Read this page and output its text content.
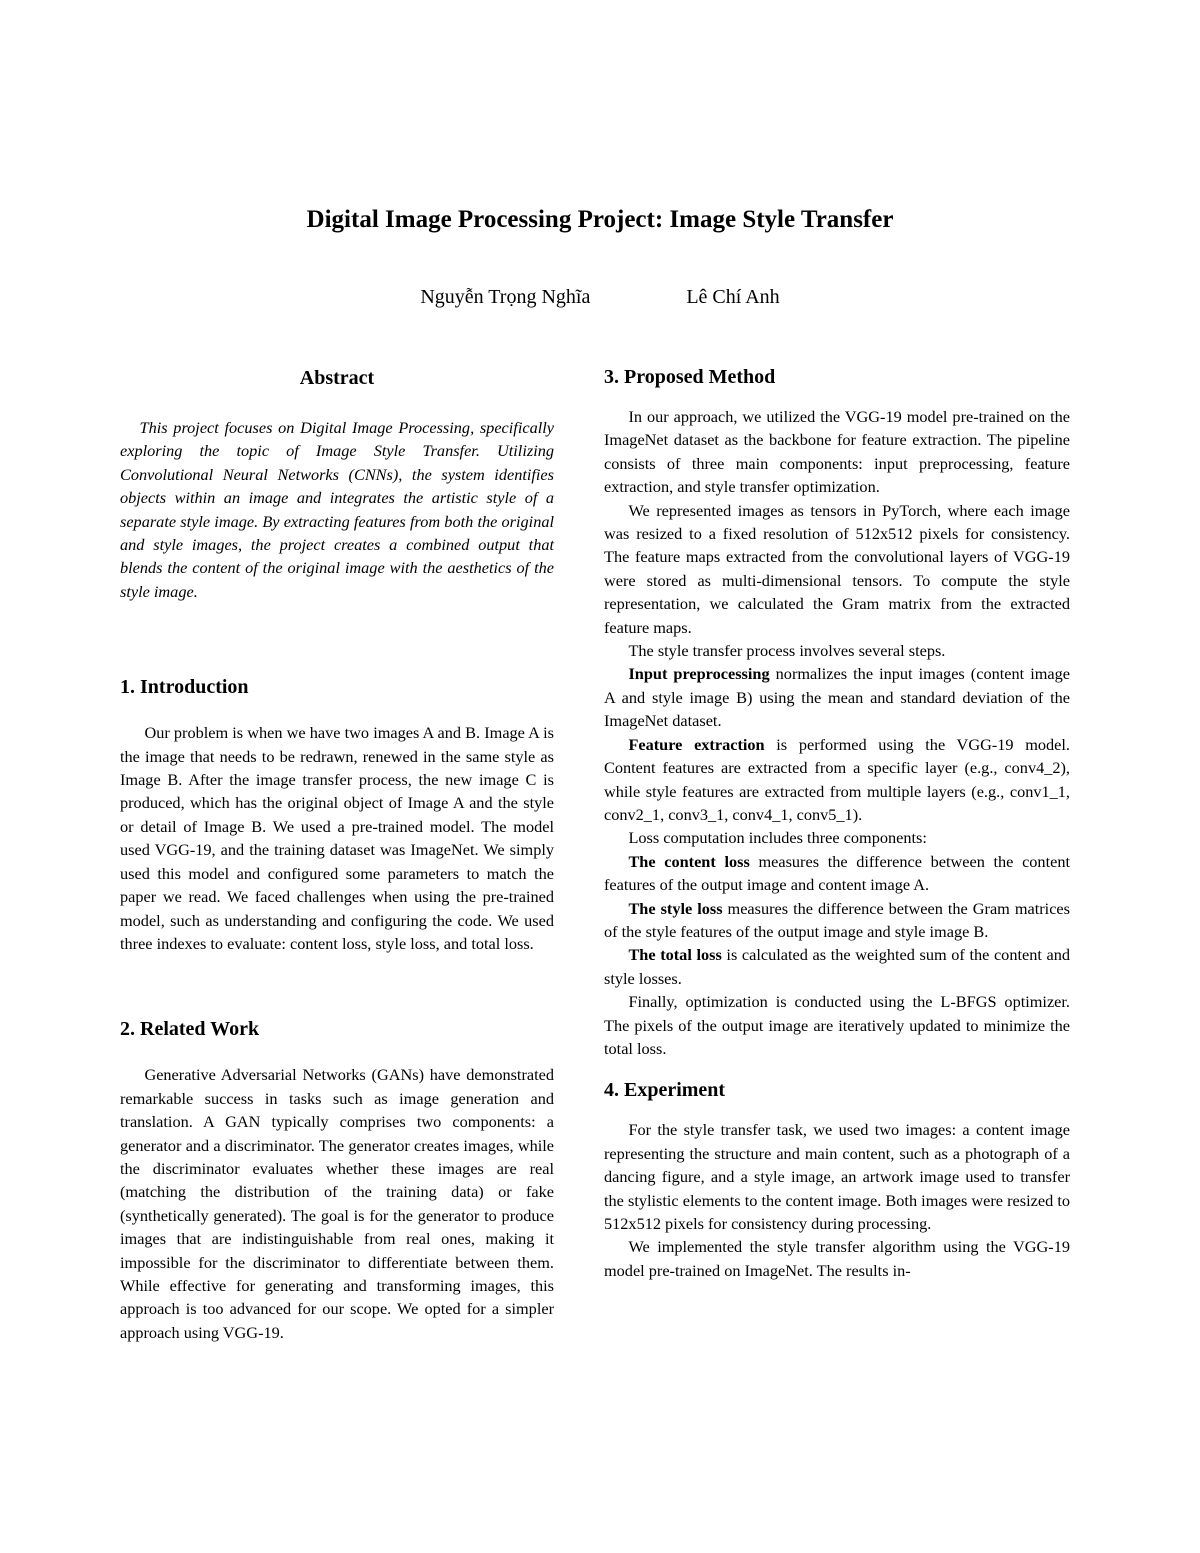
Digital Image Processing Project: Image Style Transfer
Nguyễn Trọng Nghĩa	Lê Chí Anh
Abstract

This project focuses on Digital Image Processing, specifically exploring the topic of Image Style Transfer. Utilizing Convolutional Neural Networks (CNNs), the system identifies objects within an image and integrates the artistic style of a separate style image. By extracting features from both the original and style images, the project creates a combined output that blends the content of the original image with the aesthetics of the style image.

1. Introduction

Our problem is when we have two images A and B. Image A is the image that needs to be redrawn, renewed in the same style as Image B. After the image transfer process, the new image C is produced, which has the original object of Image A and the style or detail of Image B. We used a pre-trained model. The model used VGG-19, and the training dataset was ImageNet. We simply used this model and configured some parameters to match the paper we read. We faced challenges when using the pre-trained model, such as understanding and configuring the code. We used three indexes to evaluate: content loss, style loss, and total loss.

2. Related Work

Generative Adversarial Networks (GANs) have demonstrated remarkable success in tasks such as image generation and translation. A GAN typically comprises two components: a generator and a discriminator. The generator creates images, while the discriminator evaluates whether these images are real (matching the distribution of the training data) or fake (synthetically generated). The goal is for the generator to produce images that are indistinguishable from real ones, making it impossible for the discriminator to differentiate between them. While effective for generating and transforming images, this approach is too advanced for our scope. We opted for a simpler approach using VGG-19.

3. Proposed Method

In our approach, we utilized the VGG-19 model pre-trained on the ImageNet dataset as the backbone for feature extraction. The pipeline consists of three main components: input preprocessing, feature extraction, and style transfer optimization.

We represented images as tensors in PyTorch, where each image was resized to a fixed resolution of 512x512 pixels for consistency. The feature maps extracted from the convolutional layers of VGG-19 were stored as multi-dimensional tensors. To compute the style representation, we calculated the Gram matrix from the extracted feature maps.

The style transfer process involves several steps.

Input preprocessing normalizes the input images (content image A and style image B) using the mean and standard deviation of the ImageNet dataset.

Feature extraction is performed using the VGG-19 model. Content features are extracted from a specific layer (e.g., conv4_2), while style features are extracted from multiple layers (e.g., conv1_1, conv2_1, conv3_1, conv4_1, conv5_1).

Loss computation includes three components:

The content loss measures the difference between the content features of the output image and content image A.

The style loss measures the difference between the Gram matrices of the style features of the output image and style image B.

The total loss is calculated as the weighted sum of the content and style losses.

Finally, optimization is conducted using the L-BFGS optimizer. The pixels of the output image are iteratively updated to minimize the total loss.

4. Experiment

For the style transfer task, we used two images: a content image representing the structure and main content, such as a photograph of a dancing figure, and a style image, an artwork image used to transfer the stylistic elements to the content image. Both images were resized to 512x512 pixels for consistency during processing.

We implemented the style transfer algorithm using the VGG-19 model pre-trained on ImageNet. The results in-
